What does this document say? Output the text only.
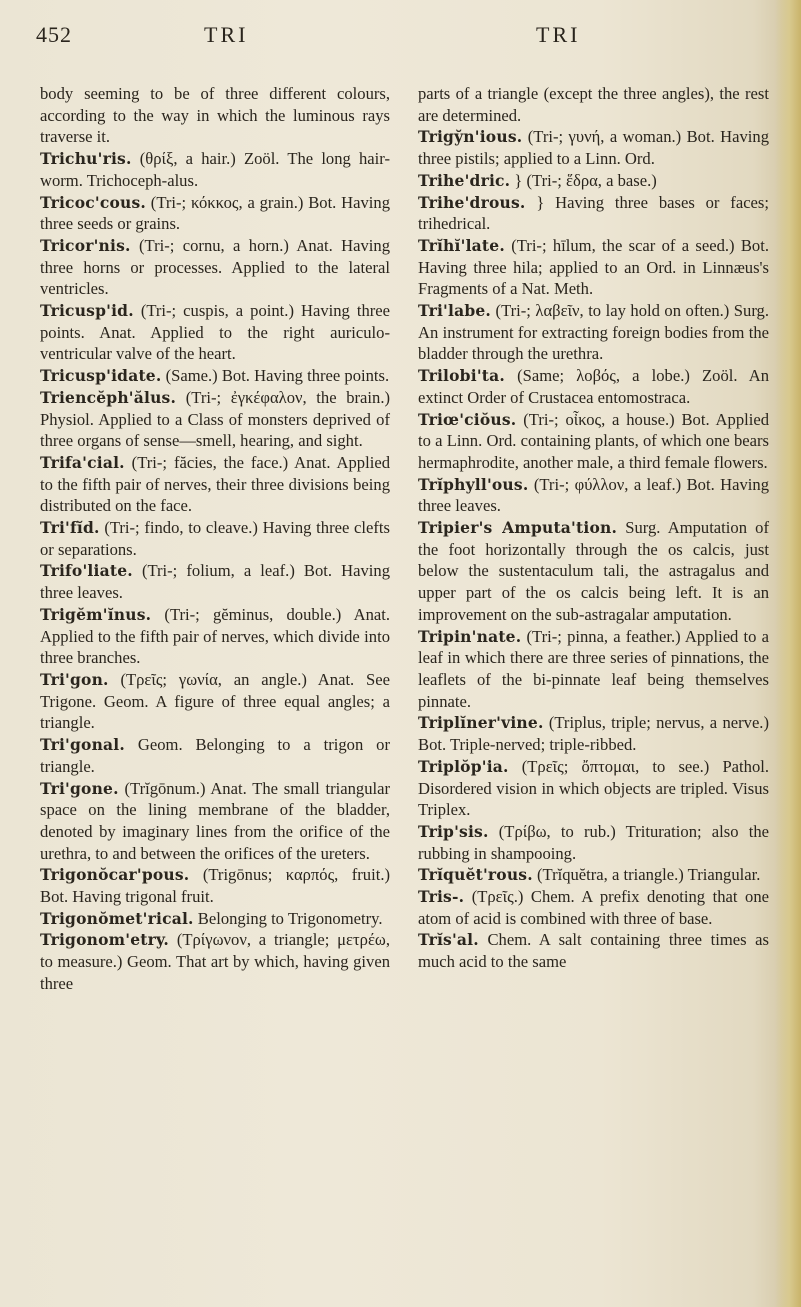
452	TRI	TRI

body seeming to be of three different colours, according to the way in which the luminous rays traverse it.

Trichu'ris. (θρίξ, a hair.) Zoöl. The long hair-worm. Trichoceph-alus.

Tricoc'cous. (Tri-; κόκκος, a grain.) Bot. Having three seeds or grains.

Tricor'nis. (Tri-; cornu, a horn.) Anat. Having three horns or processes. Applied to the lateral ventricles.

Tricusp'id. (Tri-; cuspis, a point.) Having three points. Anat. Applied to the right auriculo-ventricular valve of the heart.

Tricusp'idate. (Same.) Bot. Having three points.

Triencĕph'ălus. (Tri-; ἐγκέφαλον, the brain.) Physiol. Applied to a Class of monsters deprived of three organs of sense—smell, hearing, and sight.

Trifa'cial. (Tri-; făcies, the face.) Anat. Applied to the fifth pair of nerves, their three divisions being distributed on the face.

Tri'fĭd. (Tri-; findo, to cleave.) Having three clefts or separations.

Trifo'liate. (Tri-; folium, a leaf.) Bot. Having three leaves.

Trigĕm'ĭnus. (Tri-; gĕminus, double.) Anat. Applied to the fifth pair of nerves, which divide into three branches.

Tri'gon. (Τρεῖς; γωνία, an angle.) Anat. See Trigone. Geom. A figure of three equal angles; a triangle.

Tri'gonal. Geom. Belonging to a trigon or triangle.

Tri'gone. (Trĭgōnum.) Anat. The small triangular space on the lining membrane of the bladder, denoted by imaginary lines from the orifice of the urethra, to and between the orifices of the ureters.

Trigonŏcar'pous. (Trigōnus; καρπός, fruit.) Bot. Having trigonal fruit.

Trigonŏmet'rical. Belonging to Trigonometry.

Trigonom'etry. (Τρίγωνον, a triangle; μετρέω, to measure.) Geom. That art by which, having given three

parts of a triangle (except the three angles), the rest are determined.

Trigy̆n'ious. (Tri-; γυνή, a woman.) Bot. Having three pistils; applied to a Linn. Ord.

Trihe'dric. } (Tri-; ἕδρα, a base.)

Trihe'drous. } Having three bases or faces; trihedrical.

Trĭhĭ'late. (Tri-; hīlum, the scar of a seed.) Bot. Having three hila; applied to an Ord. in Linnæus's Fragments of a Nat. Meth.

Tri'labe. (Tri-; λαβεῖν, to lay hold on often.) Surg. An instrument for extracting foreign bodies from the bladder through the urethra.

Trilobi'ta. (Same; λοβός, a lobe.) Zoöl. An extinct Order of Crustacea entomostraca.

Triœ'ciŏus. (Tri-; οἶκος, a house.) Bot. Applied to a Linn. Ord. containing plants, of which one bears hermaphrodite, another male, a third female flowers.

Trĭphyll'ous. (Tri-; φύλλον, a leaf.) Bot. Having three leaves.

Tripier's Amputa'tion. Surg. Amputation of the foot horizontally through the os calcis, just below the sustentaculum tali, the astragalus and upper part of the os calcis being left. It is an improvement on the sub-astragalar amputation.

Tripin'nate. (Tri-; pinna, a feather.) Applied to a leaf in which there are three series of pinnations, the leaflets of the bi-pinnate leaf being themselves pinnate.

Triplĭner'vine. (Triplus, triple; nervus, a nerve.) Bot. Triple-nerved; triple-ribbed.

Triplŏp'ia. (Τρεῖς; ὄπτομαι, to see.) Pathol. Disordered vision in which objects are tripled. Visus Triplex.

Trip'sis. (Τρίβω, to rub.) Trituration; also the rubbing in shampooing.

Trĭquĕt'rous. (Trĭquĕtra, a triangle.) Triangular.

Tris-. (Τρεῖς.) Chem. A prefix denoting that one atom of acid is combined with three of base.

Trĭs'al. Chem. A salt containing three times as much acid to the same
